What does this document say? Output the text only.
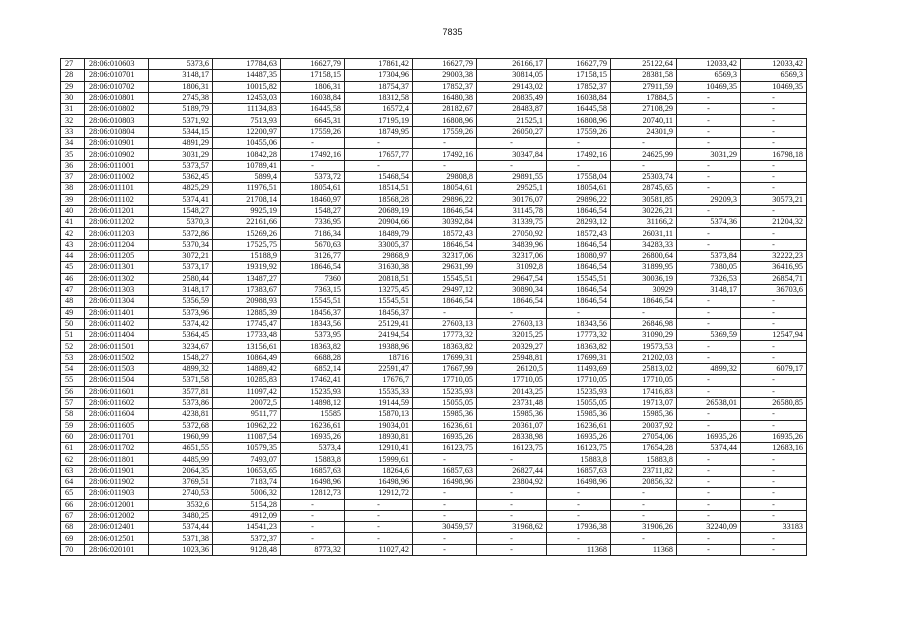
7835
27	28:06:010603	5373,6	17784,63	16627,79	17861,42	16627,79	26166,17	16627,79	25122,64	12033,42	12033,42
28	28:06:010701	3148,17	14487,35	17158,15	17304,96	29003,38	30814,05	17158,15	28381,58	6569,3	6569,3
29	28:06:010702	1806,31	10015,82	1806,31	18754,37	17852,37	29143,02	17852,37	27911,59	10469,35	10469,35
30	28:06:010801	2745,38	12453,03	16038,84	18312,58	16480,38	20835,49	16038,84	17884,5	-	-
31	28:06:010802	5189,79	11134,83	16445,58	16572,4	28182,67	28483,87	16445,58	27108,29	-	-
32	28:06:010803	5371,92	7513,93	6645,31	17195,19	16808,96	21525,1	16808,96	20740,11	-	-
33	28:06:010804	5344,15	12200,97	17559,26	18749,95	17559,26	26050,27	17559,26	24301,9	-	-
34	28:06:010901	4891,29	10455,06	-	-	-	-	-	-	-	-
35	28:06:010902	3031,29	10842,28	17492,16	17657,77	17492,16	30347,84	17492,16	24625,99	3031,29	16798,18
36	28:06:011001	5373,57	10789,41	-	-	-	-	-	-	-	-
37	28:06:011002	5362,45	5899,4	5373,72	15468,54	29808,8	29891,55	17558,04	25303,74	-	-
38	28:06:011101	4825,29	11976,51	18054,61	18514,51	18054,61	29525,1	18054,61	28745,65	-	-
39	28:06:011102	5374,41	21708,14	18460,97	18568,28	29896,22	30176,07	29896,22	30581,85	29209,3	30573,21
40	28:06:011201	1548,27	9925,19	1548,27	20689,19	18646,54	31145,78	18646,54	30226,21	-	-
41	28:06:011202	5370,3	22161,66	7336,95	20904,66	30392,84	31339,75	28293,12	31166,2	5374,36	21204,32
42	28:06:011203	5372,86	15269,26	7186,34	18489,79	18572,43	27050,92	18572,43	26031,11	-	-
43	28:06:011204	5370,34	17525,75	5670,63	33005,37	18646,54	34839,96	18646,54	34283,33	-	-
44	28:06:011205	3072,21	15188,9	3126,77	29868,9	32317,06	32317,06	18080,97	26800,64	5373,84	32222,23
45	28:06:011301	5373,17	19319,92	18646,54	31630,38	29631,99	31092,8	18646,54	31899,95	7380,05	36416,95
46	28:06:011302	2580,44	13487,27	7360	20818,51	15545,51	29647,54	15545,51	30036,19	7326,53	26854,71
47	28:06:011303	3148,17	17383,67	7363,15	13275,45	29497,12	30890,34	18646,54	30929	3148,17	36703,6
48	28:06:011304	5356,59	20988,93	15545,51	15545,51	18646,54	18646,54	18646,54	18646,54	-	-
49	28:06:011401	5373,96	12885,39	18456,37	18456,37	-	-	-	-	-	-
50	28:06:011402	5374,42	17745,47	18343,56	25129,41	27603,13	27603,13	18343,56	26846,98	-	-
51	28:06:011404	5364,45	17733,48	5373,95	24194,54	17773,32	32015,25	17773,32	31090,29	5369,59	12547,94
52	28:06:011501	3234,67	13156,61	18363,82	19388,96	18363,82	20329,27	18363,82	19573,53	-	-
53	28:06:011502	1548,27	10864,49	6688,28	18716	17699,31	25948,81	17699,31	21202,03	-	-
54	28:06:011503	4899,32	14889,42	6852,14	22591,47	17667,99	26120,5	11493,69	25813,02	4899,32	6079,17
55	28:06:011504	5371,58	10285,83	17462,41	17676,7	17710,05	17710,05	17710,05	17710,05	-	-
56	28:06:011601	3577,81	11097,42	15235,93	15535,33	15235,93	20143,25	15235,93	17416,83	-	-
57	28:06:011602	5373,86	20072,5	14898,12	19144,59	15055,05	23731,48	15055,05	19713,07	26538,01	26580,85
58	28:06:011604	4238,81	9511,77	15585	15870,13	15985,36	15985,36	15985,36	15985,36	-	-
59	28:06:011605	5372,68	10962,22	16236,61	19034,01	16236,61	20361,07	16236,61	20037,92	-	-
60	28:06:011701	1960,99	11087,54	16935,26	18930,81	16935,26	28338,98	16935,26	27054,06	16935,26	16935,26
61	28:06:011702	4651,55	10579,35	5373,4	12910,41	16123,75	16123,75	16123,75	17654,28	5374,44	12683,16
62	28:06:011801	4485,99	7493,07	15883,8	15999,61	-	-	15883,8	15883,8	-	-
63	28:06:011901	2064,35	10653,65	16857,63	18264,6	16857,63	26827,44	16857,63	23711,82	-	-
64	28:06:011902	3769,51	7183,74	16498,96	16498,96	16498,96	23804,92	16498,96	20856,32	-	-
65	28:06:011903	2740,53	5006,32	12812,73	12912,72	-	-	-	-	-	-
66	28:06:012001	3532,6	5154,28	-	-	-	-	-	-	-	-
67	28:06:012002	3480,25	4912,09	-	-	-	-	-	-	-	-
68	28:06:012401	5374,44	14541,23	-	-	30459,57	31968,62	17936,38	31906,26	32240,09	33183
69	28:06:012501	5371,38	5372,37	-	-	-	-	-	-	-	-
70	28:06:020101	1023,36	9128,48	8773,32	11027,42	-	-	11368	11368	-	-
